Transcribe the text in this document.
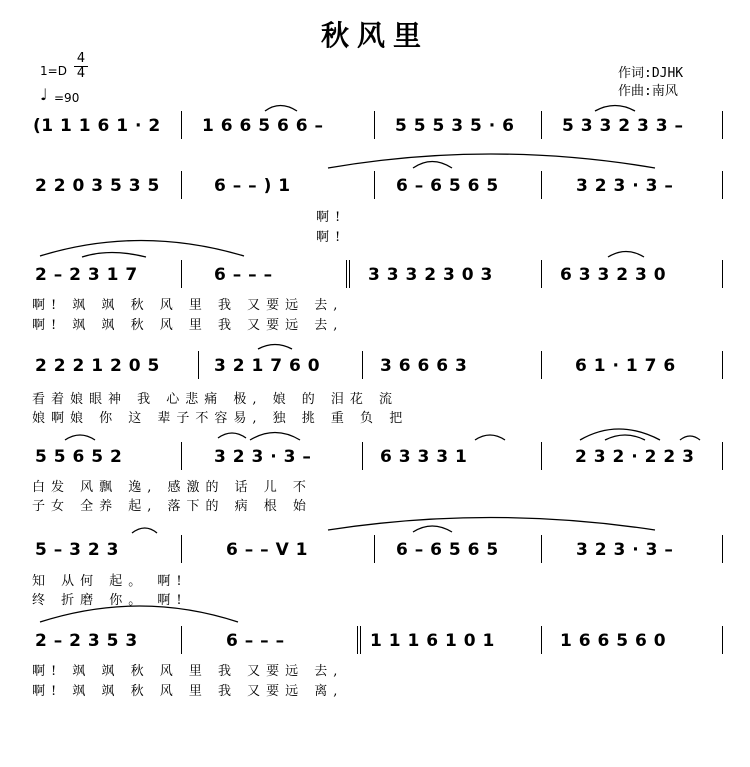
秋风里
1=D
4
4
♩ =90
作词:DJHK
作曲:南风
(1 1 1 6 1 · 2 1 6 6 5 6 6 –	5 5 5 3 5 · 6	5 3 3 2 3 3 –
2 2 0 3 5 3 5	6 – – ) 1	6 – 6 5 6 5	3 2 3 · 3 –
啊!
啊!
2 – 2 3 1 7	6 – – –	3 3 3 2 3 0 3	6 3 3 2 3 0
啊! 飒 飒 秋 风 里 我 又要远 去,
啊! 飒 飒 秋 风 里 我 又要远 去,
2 2 2 1 2 0 5	3 2 1 7 6 0	3 6 6 6 3	6 1 · 1 7 6
看着娘眼神 我 心悲痛 极, 娘 的 泪花 流
娘啊娘 你 这 辈子不容易, 独 挑 重 负 把
5 5 6 5 2	3 2 3 · 3 –	6 3 3 3 1	2 3 2 · 2 2 3
白发 风飘 逸, 感激的 话 儿 不
子女 全养 起, 落下的 病 根 始
5 – 3 2 3	6 – – V 1	6 – 6 5 6 5	3 2 3 · 3 –
知 从何 起。 啊!
终 折磨 你。 啊!
2 – 2 3 5 3	6 – – –	1 1 1 6 1 0 1	1 6 6 5 6 0
啊! 飒 飒 秋 风 里 我 又要远 去,
啊! 飒 飒 秋 风 里 我 又要远 离,
